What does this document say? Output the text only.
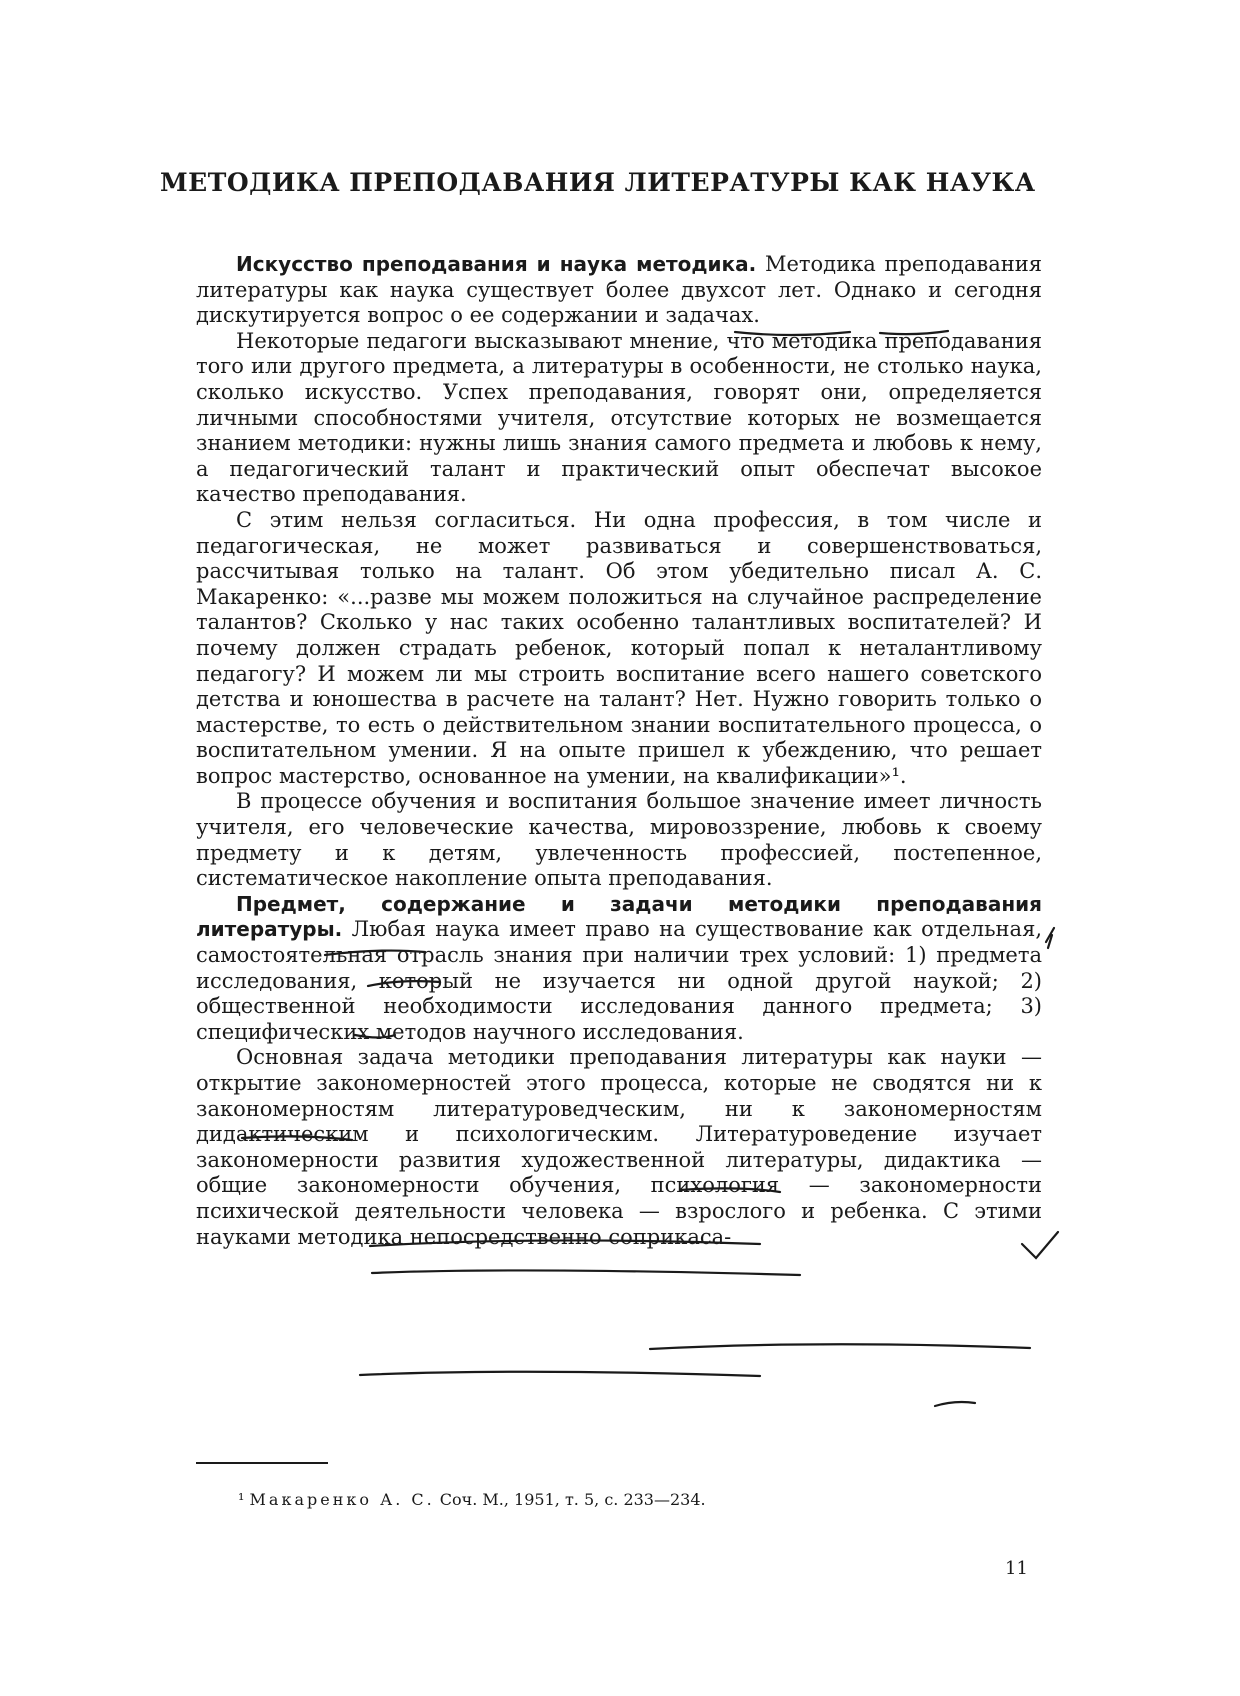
МЕТОДИКА ПРЕПОДАВАНИЯ ЛИТЕРАТУРЫ КАК НАУКА

Искусство преподавания и наука методика. Методика преподавания литературы как наука существует более двухсот лет. Однако и сегодня дискутируется вопрос о ее содержании и задачах.

Некоторые педагоги высказывают мнение, что методика преподавания того или другого предмета, а литературы в особенности, не столько наука, сколько искусство. Успех преподавания, говорят они, определяется личными способностями учителя, отсутствие которых не возмещается знанием методики: нужны лишь знания самого предмета и любовь к нему, а педагогический талант и практический опыт обеспечат высокое качество преподавания.

С этим нельзя согласиться. Ни одна профессия, в том числе и педагогическая, не может развиваться и совершенствоваться, рассчитывая только на талант. Об этом убедительно писал А. С. Макаренко: «...разве мы можем положиться на случайное распределение талантов? Сколько у нас таких особенно талантливых воспитателей? И почему должен страдать ребенок, который попал к неталантливому педагогу? И можем ли мы строить воспитание всего нашего советского детства и юношества в расчете на талант? Нет. Нужно говорить только о мастерстве, то есть о действительном знании воспитательного процесса, о воспитательном умении. Я на опыте пришел к убеждению, что решает вопрос мастерство, основанное на умении, на квалификации»¹.

В процессе обучения и воспитания большое значение имеет личность учителя, его человеческие качества, мировоззрение, любовь к своему предмету и к детям, увлеченность профессией, постепенное, систематическое накопление опыта преподавания.

Предмет, содержание и задачи методики преподавания литературы. Любая наука имеет право на существование как отдельная, самостоятельная отрасль знания при наличии трех условий: 1) предмета исследования, который не изучается ни одной другой наукой; 2) общественной необходимости исследования данного предмета; 3) специфических методов научного исследования.

Основная задача методики преподавания литературы как науки — открытие закономерностей этого процесса, которые не сводятся ни к закономерностям литературоведческим, ни к закономерностям дидактическим и психологическим. Литературоведение изучает закономерности развития художественной литературы, дидактика — общие закономерности обучения, психология — закономерности психической деятельности человека — взрослого и ребенка. С этими науками методика непосредственно соприкаса-

¹ Макаренко А. С. Соч. М., 1951, т. 5, с. 233—234.
11
